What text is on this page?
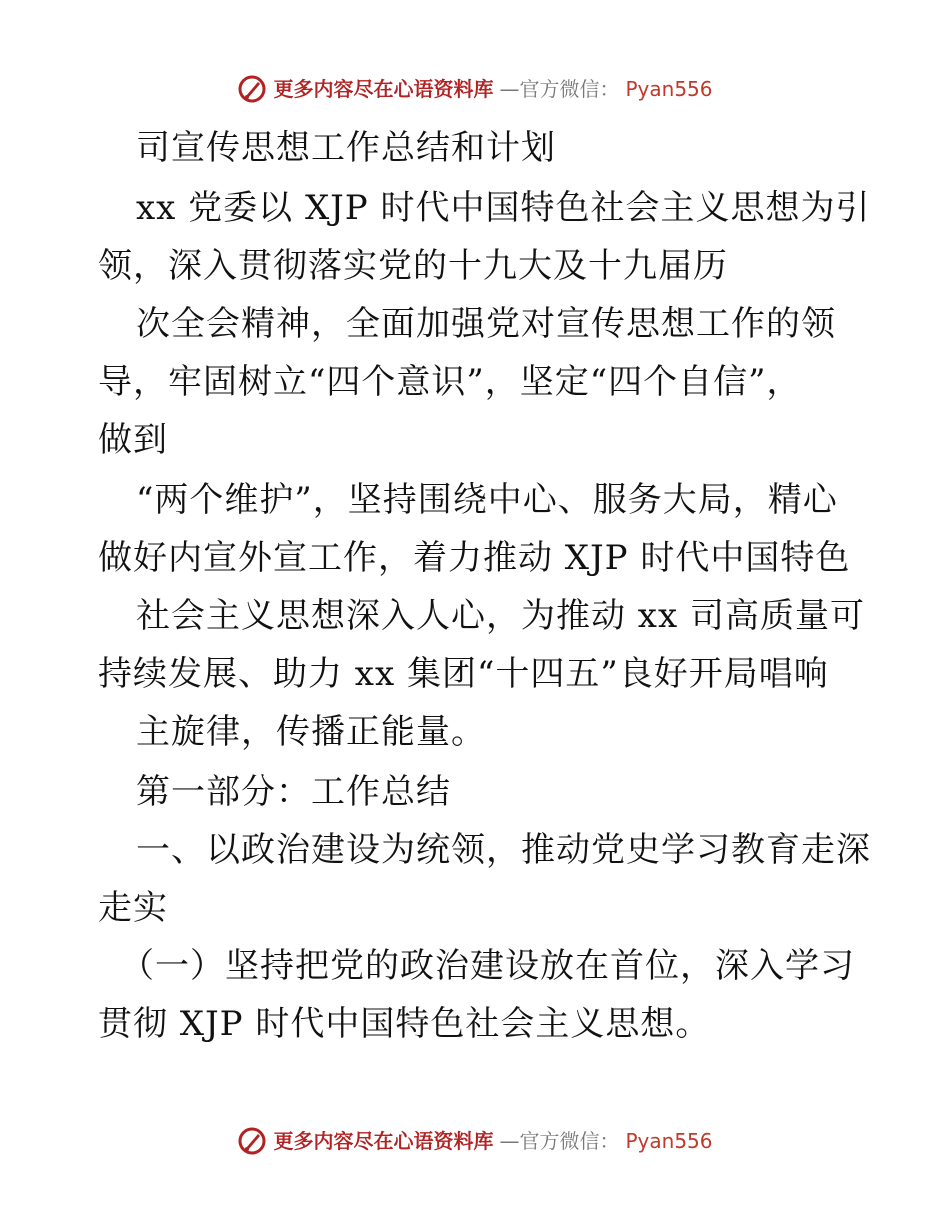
更多内容尽在心语资料库 —官方微信： Pyan556
司宣传思想工作总结和计划
xx 党委以 XJP 时代中国特色社会主义思想为引
领，深入贯彻落实党的十九大及十九届历
次全会精神，全面加强党对宣传思想工作的领
导，牢固树立“四个意识”，坚定“四个自信”，
做到
“两个维护”，坚持围绕中心、服务大局，精心
做好内宣外宣工作，着力推动 XJP 时代中国特色
社会主义思想深入人心，为推动 xx 司高质量可
持续发展、助力 xx 集团“十四五”良好开局唱响
主旋律，传播正能量。
第一部分：工作总结
一、以政治建设为统领，推动党史学习教育走深
走实
（一）坚持把党的政治建设放在首位，深入学习
贯彻 XJP 时代中国特色社会主义思想。
更多内容尽在心语资料库 —官方微信： Pyan556
